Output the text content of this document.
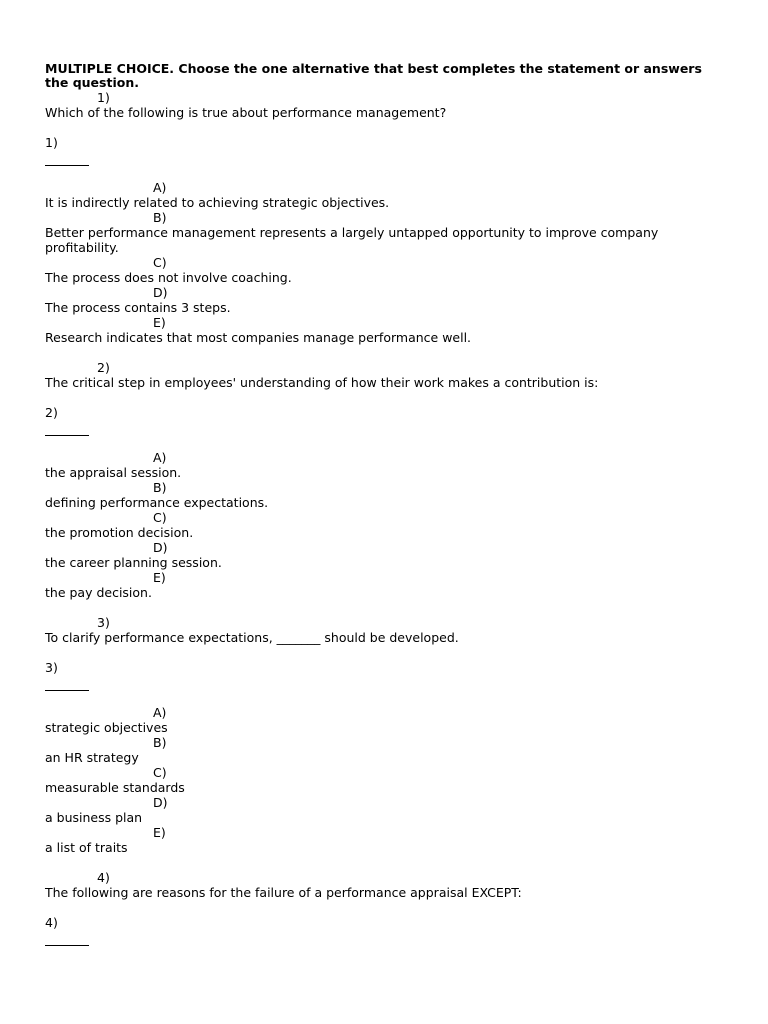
MULTIPLE CHOICE. Choose the one alternative that best completes the statement or answers the question.
1)
Which of the following is true about performance management?
1)
A)
It is indirectly related to achieving strategic objectives.
B)
Better performance management represents a largely untapped opportunity to improve company profitability.
C)
The process does not involve coaching.
D)
The process contains 3 steps.
E)
Research indicates that most companies manage performance well.
2)
The critical step in employees' understanding of how their work makes a contribution is:
2)
A)
the appraisal session.
B)
defining performance expectations.
C)
the promotion decision.
D)
the career planning session.
E)
the pay decision.
3)
To clarify performance expectations, _______ should be developed.
3)
A)
strategic objectives
B)
an HR strategy
C)
measurable standards
D)
a business plan
E)
a list of traits
4)
The following are reasons for the failure of a performance appraisal EXCEPT:
4)
